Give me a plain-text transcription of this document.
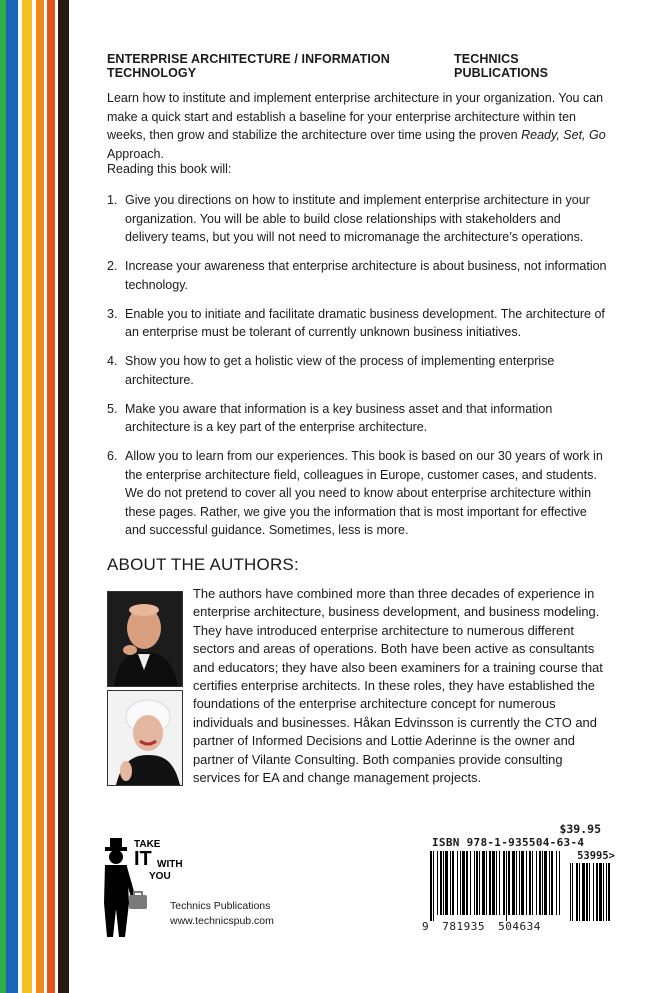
ENTERPRISE ARCHITECTURE / INFORMATION TECHNOLOGY
TECHNICS PUBLICATIONS

Learn how to institute and implement enterprise architecture in your organization. You can make a quick start and establish a baseline for your enterprise architecture within ten weeks, then grow and stabilize the architecture over time using the proven Ready, Set, Go Approach.

Reading this book will:
1. Give you directions on how to institute and implement enterprise architecture in your organization. You will be able to build close relationships with stakeholders and delivery teams, but you will not need to micromanage the architecture’s operations.
2. Increase your awareness that enterprise architecture is about business, not information technology.
3. Enable you to initiate and facilitate dramatic business development. The architecture of an enterprise must be tolerant of currently unknown business initiatives.
4. Show you how to get a holistic view of the process of implementing enterprise architecture.
5. Make you aware that information is a key business asset and that information architecture is a key part of the enterprise architecture.
6. Allow you to learn from our experiences. This book is based on our 30 years of work in the enterprise architecture field, colleagues in Europe, customer cases, and students. We do not pretend to cover all you need to know about enterprise architecture within these pages. Rather, we give you the information that is most important for effective and successful guidance. Sometimes, less is more.
ABOUT THE AUTHORS:
The authors have combined more than three decades of experience in enterprise architecture, business development, and business modeling. They have introduced enterprise architecture to numerous different sectors and areas of operations. Both have been active as consultants and educators; they have also been examiners for a training course that certifies enterprise architects. In these roles, they have established the foundations of the enterprise architecture concept for numerous individuals and businesses. Håkan Edvinsson is currently the CTO and partner of Informed Decisions and Lottie Aderinne is the owner and partner of Vilante Consulting. Both companies provide consulting services for EA and change management projects.
TAKE
IT WITH
YOU
Technics Publications
www.technicspub.com
$39.95
ISBN 978-1-935504-63-4
53995>
9 781935 504634
